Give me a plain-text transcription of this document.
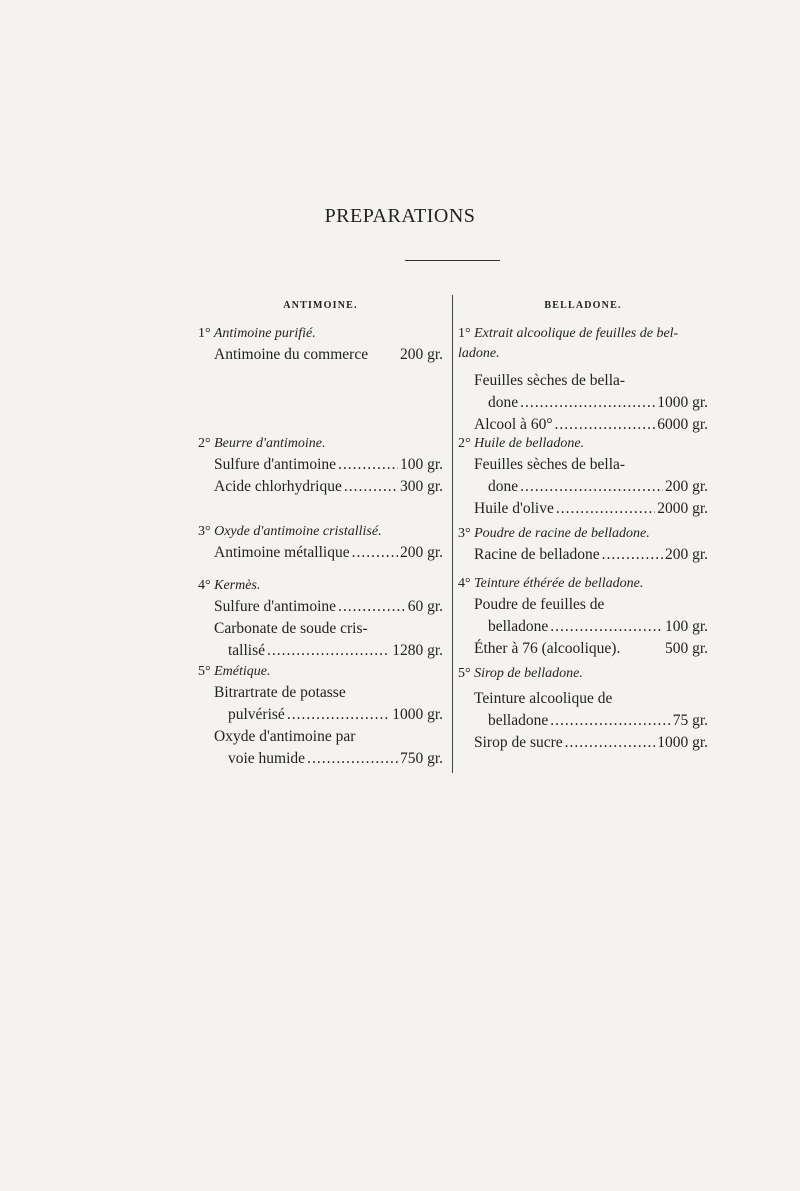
PREPARATIONS
ANTIMOINE.
1° Antimoine purifié.
Antimoine du commerce 200 gr.
2° Beurre d'antimoine.
Sulfure d'antimoine .....	100 gr.
Acide chlorhydrique .....	300 gr.
3° Oxyde d'antimoine cristallisé.
Antimoine métallique .....	200 gr.
4° Kermès.
Sulfure d'antimoine .....	60 gr.
Carbonate de soude cris-
tallisé .....	1280 gr.
5° Emétique.
Bitrartrate de potasse
pulvérisé .....	1000 gr.
Oxyde d'antimoine par
voie humide .....	750 gr.
BELLADONE.
1° Extrait alcoolique de feuilles de bel-
ladone.
Feuilles sèches de bella-
done .....	1000 gr.
Alcool à 60° .....	6000 gr.
2° Huile de belladone.
Feuilles sèches de bella-
done .....	200 gr.
Huile d'olive .....	2000 gr.
3° Poudre de racine de belladone.
Racine de belladone .....	200 gr.
4° Teinture éthérée de belladone.
Poudre de feuilles de
belladone .....	100 gr.
Éther à 76 (alcoolique).	500 gr.
5° Sirop de belladone.
Teinture alcoolique de
belladone .....	75 gr.
Sirop de sucre .....	1000 gr.
